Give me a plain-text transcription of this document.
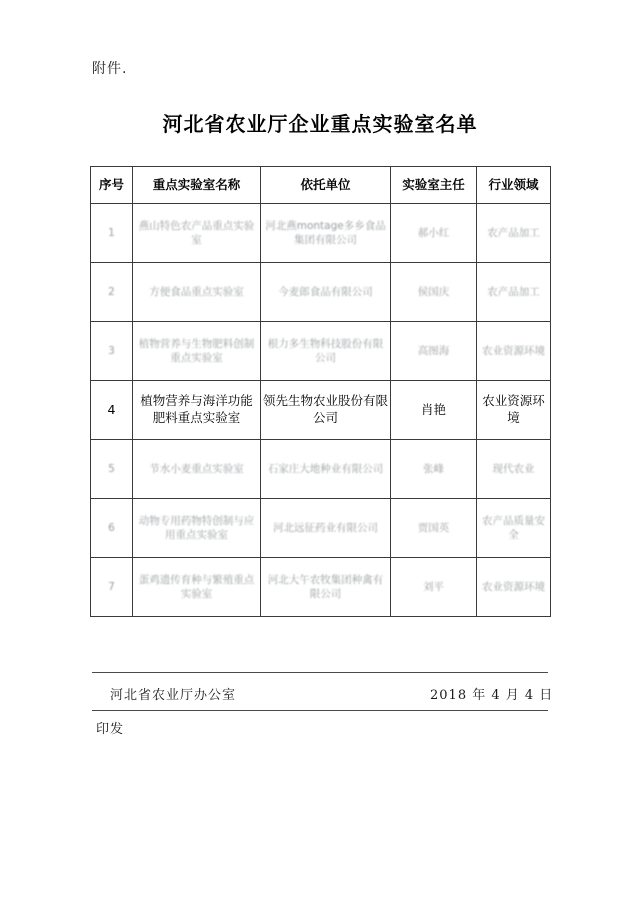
附件.
河北省农业厅企业重点实验室名单
序号	重点实验室名称	依托单位	实验室主任	行业领域
1	燕山特色农产品重点实验室	河北燕montage多乡食品集团有限公司	郝小红	农产品加工
2	方便食品重点实验室	今麦郎食品有限公司	侯国庆	农产品加工
3	植物营养与生物肥料创制重点实验室	根力多生物科技股份有限公司	高图海	农业资源环境
4	植物营养与海洋功能肥料重点实验室	领先生物农业股份有限公司	肖艳	农业资源环境
5	节水小麦重点实验室	石家庄大地种业有限公司	张峰	现代农业
6	动物专用药物特创制与应用重点实验室	河北远征药业有限公司	贾国英	农产品质量安全
7	蛋鸡遗传育种与繁殖重点实验室	河北大午农牧集团种禽有限公司	刘平	农业资源环境
河北省农业厅办公室	2018 年 4 月 4 日
印发
